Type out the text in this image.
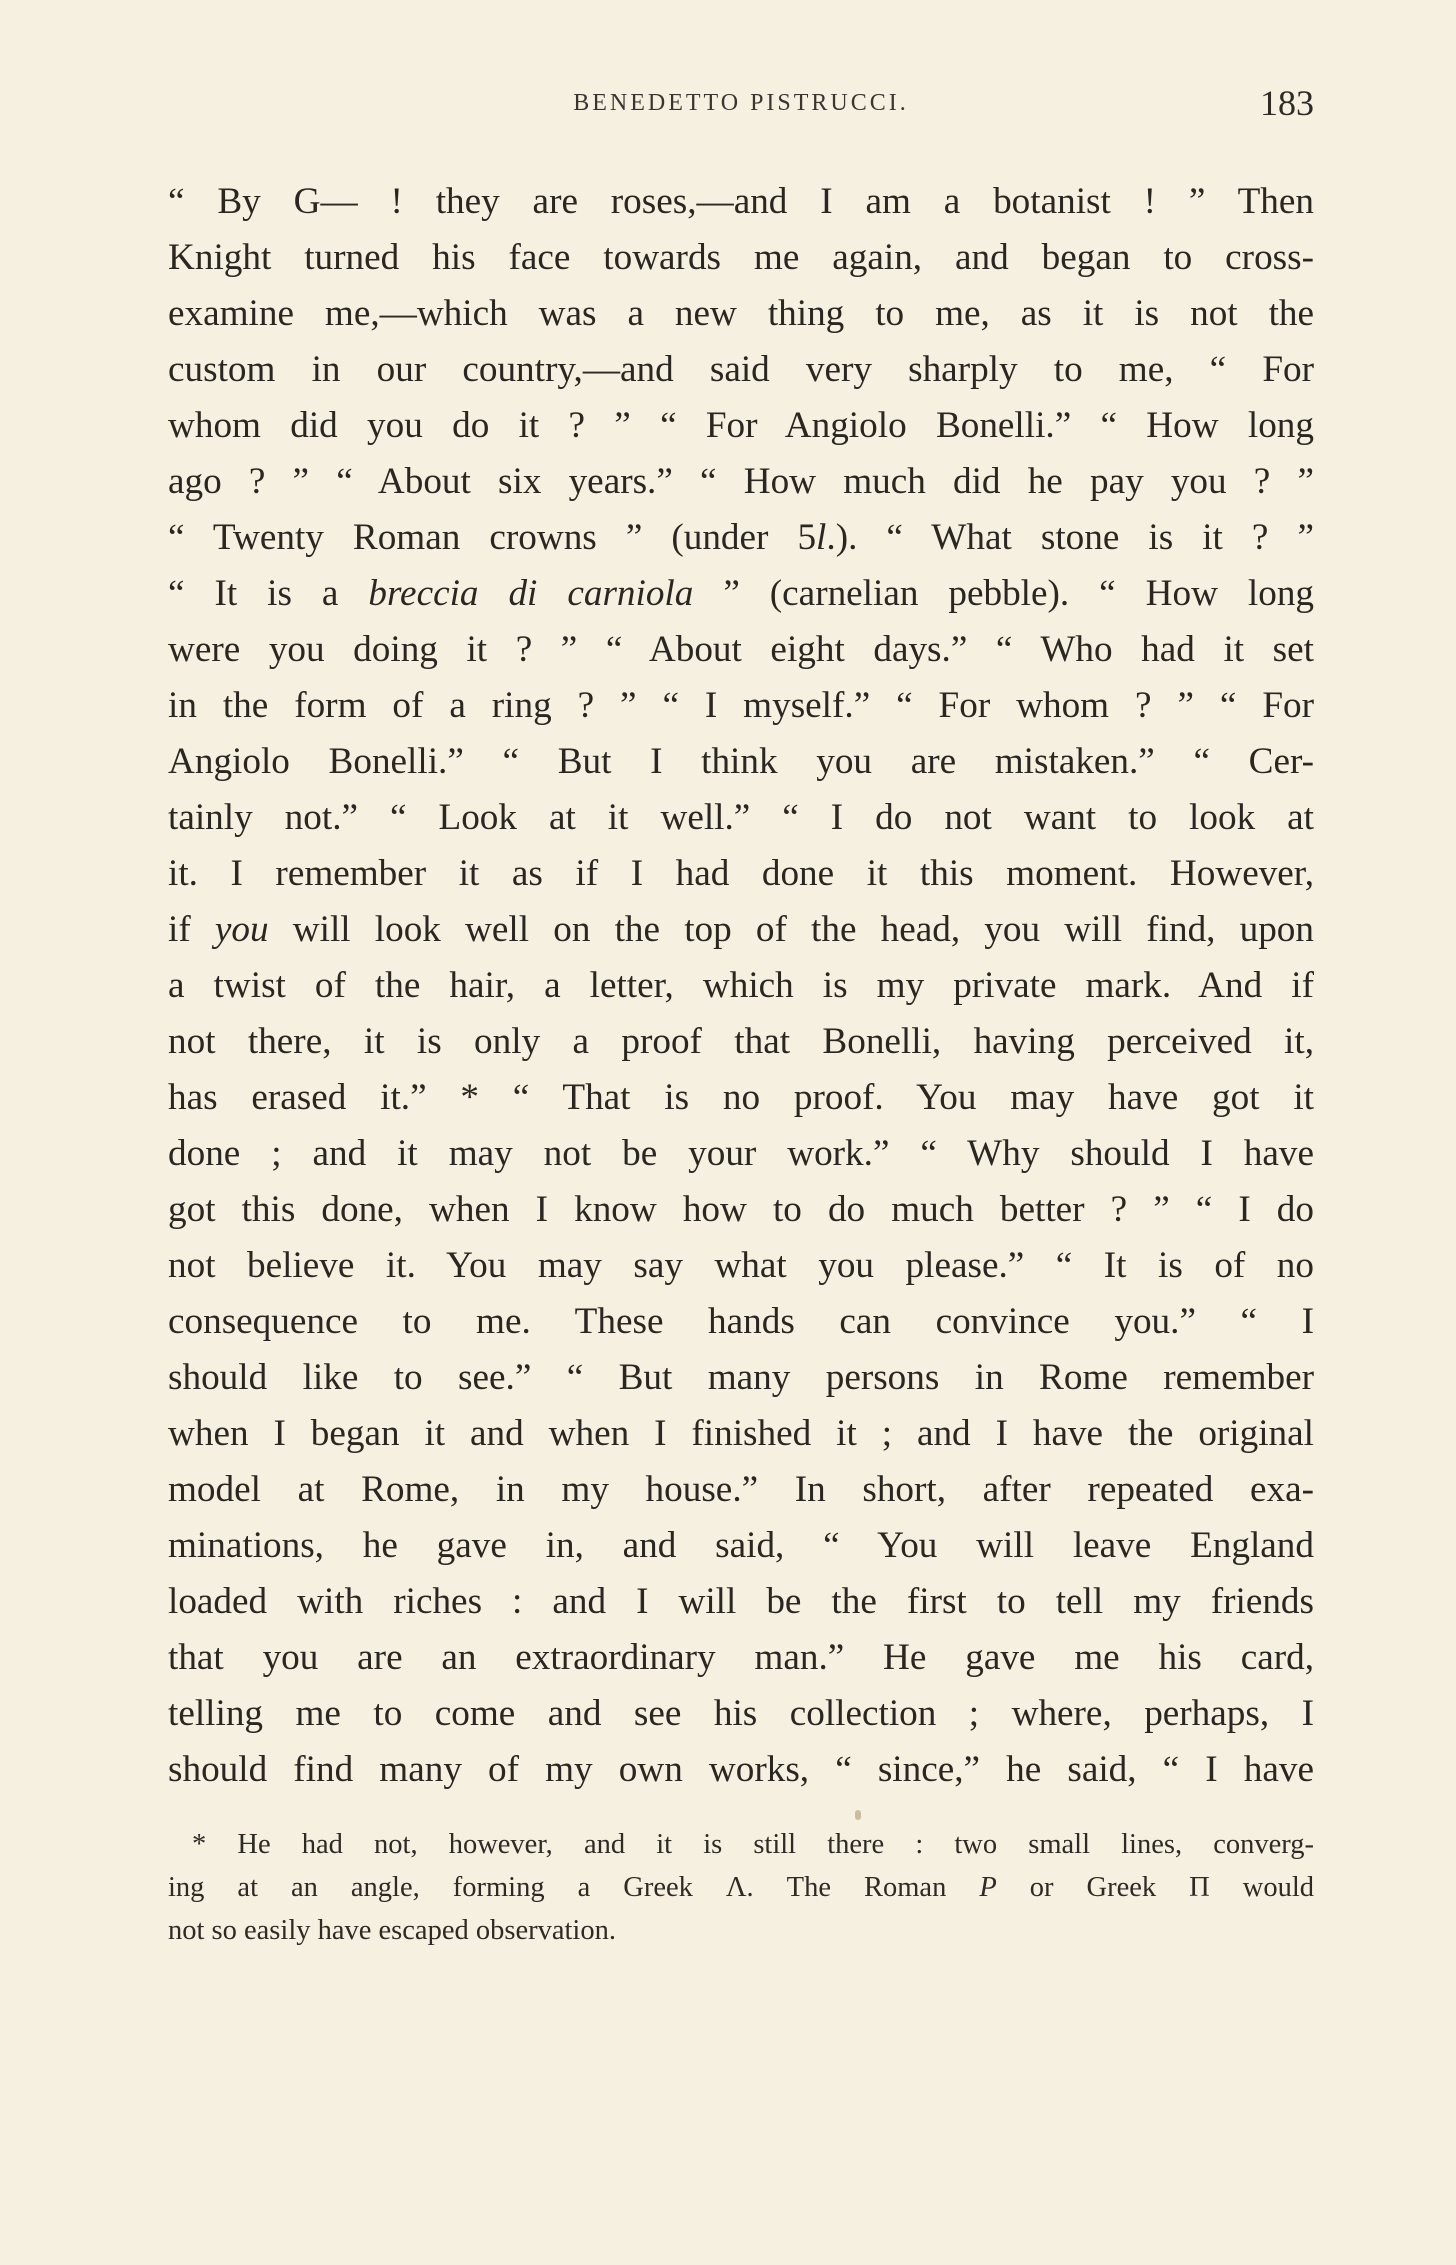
BENEDETTO PISTRUCCI.	183
“ By G— ! they are roses,—and I am a botanist ! ” Then
Knight turned his face towards me again, and began to cross-
examine me,—which was a new thing to me, as it is not the
custom in our country,—and said very sharply to me, “ For
whom did you do it ? ” “ For Angiolo Bonelli.” “ How long
ago ? ” “ About six years.” “ How much did he pay you ? ”
“ Twenty Roman crowns ” (under 5l.). “ What stone is it ? ”
“ It is a breccia di carniola ” (carnelian pebble). “ How long
were you doing it ? ” “ About eight days.” “ Who had it set
in the form of a ring ? ” “ I myself.” “ For whom ? ” “ For
Angiolo Bonelli.” “ But I think you are mistaken.” “ Cer-
tainly not.” “ Look at it well.” “ I do not want to look at
it. I remember it as if I had done it this moment. However,
if you will look well on the top of the head, you will find, upon
a twist of the hair, a letter, which is my private mark. And if
not there, it is only a proof that Bonelli, having perceived it,
has erased it.” * “ That is no proof. You may have got it
done ; and it may not be your work.” “ Why should I have
got this done, when I know how to do much better ? ” “ I do
not believe it. You may say what you please.” “ It is of no
consequence to me. These hands can convince you.” “ I
should like to see.” “ But many persons in Rome remember
when I began it and when I finished it ; and I have the original
model at Rome, in my house.” In short, after repeated exa-
minations, he gave in, and said, “ You will leave England
loaded with riches : and I will be the first to tell my friends
that you are an extraordinary man.” He gave me his card,
telling me to come and see his collection ; where, perhaps, I
should find many of my own works, “ since,” he said, “ I have
* He had not, however, and it is still there : two small lines, converg-
ing at an angle, forming a Greek Λ. The Roman P or Greek Π would
not so easily have escaped observation.
